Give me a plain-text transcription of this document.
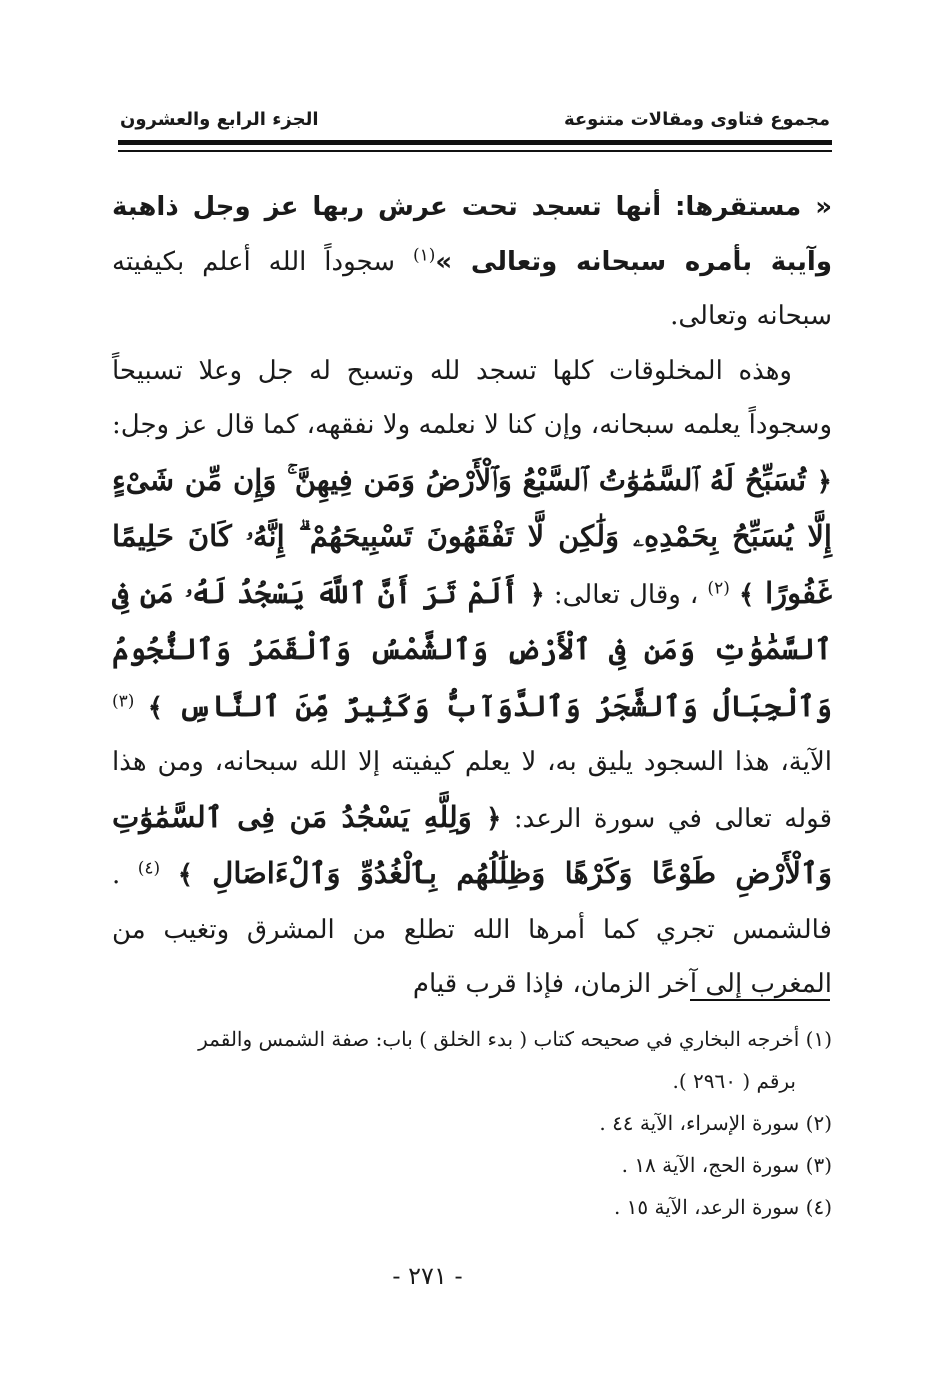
مجموع فتاوى ومقالات متنوعة
الجزء الرابع والعشرون

« مستقرها: أنها تسجد تحت عرش ربها عز وجل ذاهبة وآيبة بأمره سبحانه وتعالى »$^{(١)}$ سجوداً الله أعلم بكيفيته سبحانه وتعالى.

وهذه المخلوقات كلها تسجد لله وتسبح له جل وعلا تسبيحاً وسجوداً يعلمه سبحانه، وإن كنا لا نعلمه ولا نفقهه، كما قال عز وجل: ﴿ تُسَبِّحُ لَهُ ٱلسَّمَٰوَٰتُ ٱلسَّبْعُ وَٱلْأَرْضُ وَمَن فِيهِنَّ ۚ وَإِن مِّن شَىْءٍ إِلَّا يُسَبِّحُ بِحَمْدِهِۦ وَلَٰكِن لَّا تَفْقَهُونَ تَسْبِيحَهُمْ ۗ إِنَّهُۥ كَانَ حَلِيمًا غَفُورًا ﴾ $^{(٢)}$ ، وقال تعالى: ﴿ أَلَمْ تَرَ أَنَّ ٱللَّهَ يَسْجُدُ لَهُۥ مَن فِى ٱلسَّمَٰوَٰتِ وَمَن فِى ٱلْأَرْضِ وَٱلشَّمْسُ وَٱلْقَمَرُ وَٱلنُّجُومُ وَٱلْجِبَالُ وَٱلشَّجَرُ وَٱلدَّوَآبُّ وَكَثِيرٌ مِّنَ ٱلنَّاسِ ﴾ $^{(٣)}$ الآية، هذا السجود يليق به، لا يعلم كيفيته إلا الله سبحانه، ومن هذا قوله تعالى في سورة الرعد: ﴿ وَلِلَّهِ يَسْجُدُ مَن فِى ٱلسَّمَٰوَٰتِ وَٱلْأَرْضِ طَوْعًا وَكَرْهًا وَظِلَٰلُهُم بِٱلْغُدُوِّ وَٱلْءَاصَالِ ﴾ $^{(٤)}$ . فالشمس تجري كما أمرها الله تطلع من المشرق وتغيب من المغرب إلى آخر الزمان، فإذا قرب قيام

(١) أخرجه البخاري في صحيحه كتاب ( بدء الخلق ) باب: صفة الشمس والقمر

برقم ( ٢٩٦٠ ).

(٢) سورة الإسراء، الآية ٤٤ .

(٣) سورة الحج، الآية ١٨ .

(٤) سورة الرعد، الآية ١٥ .

- ٢٧١ -
